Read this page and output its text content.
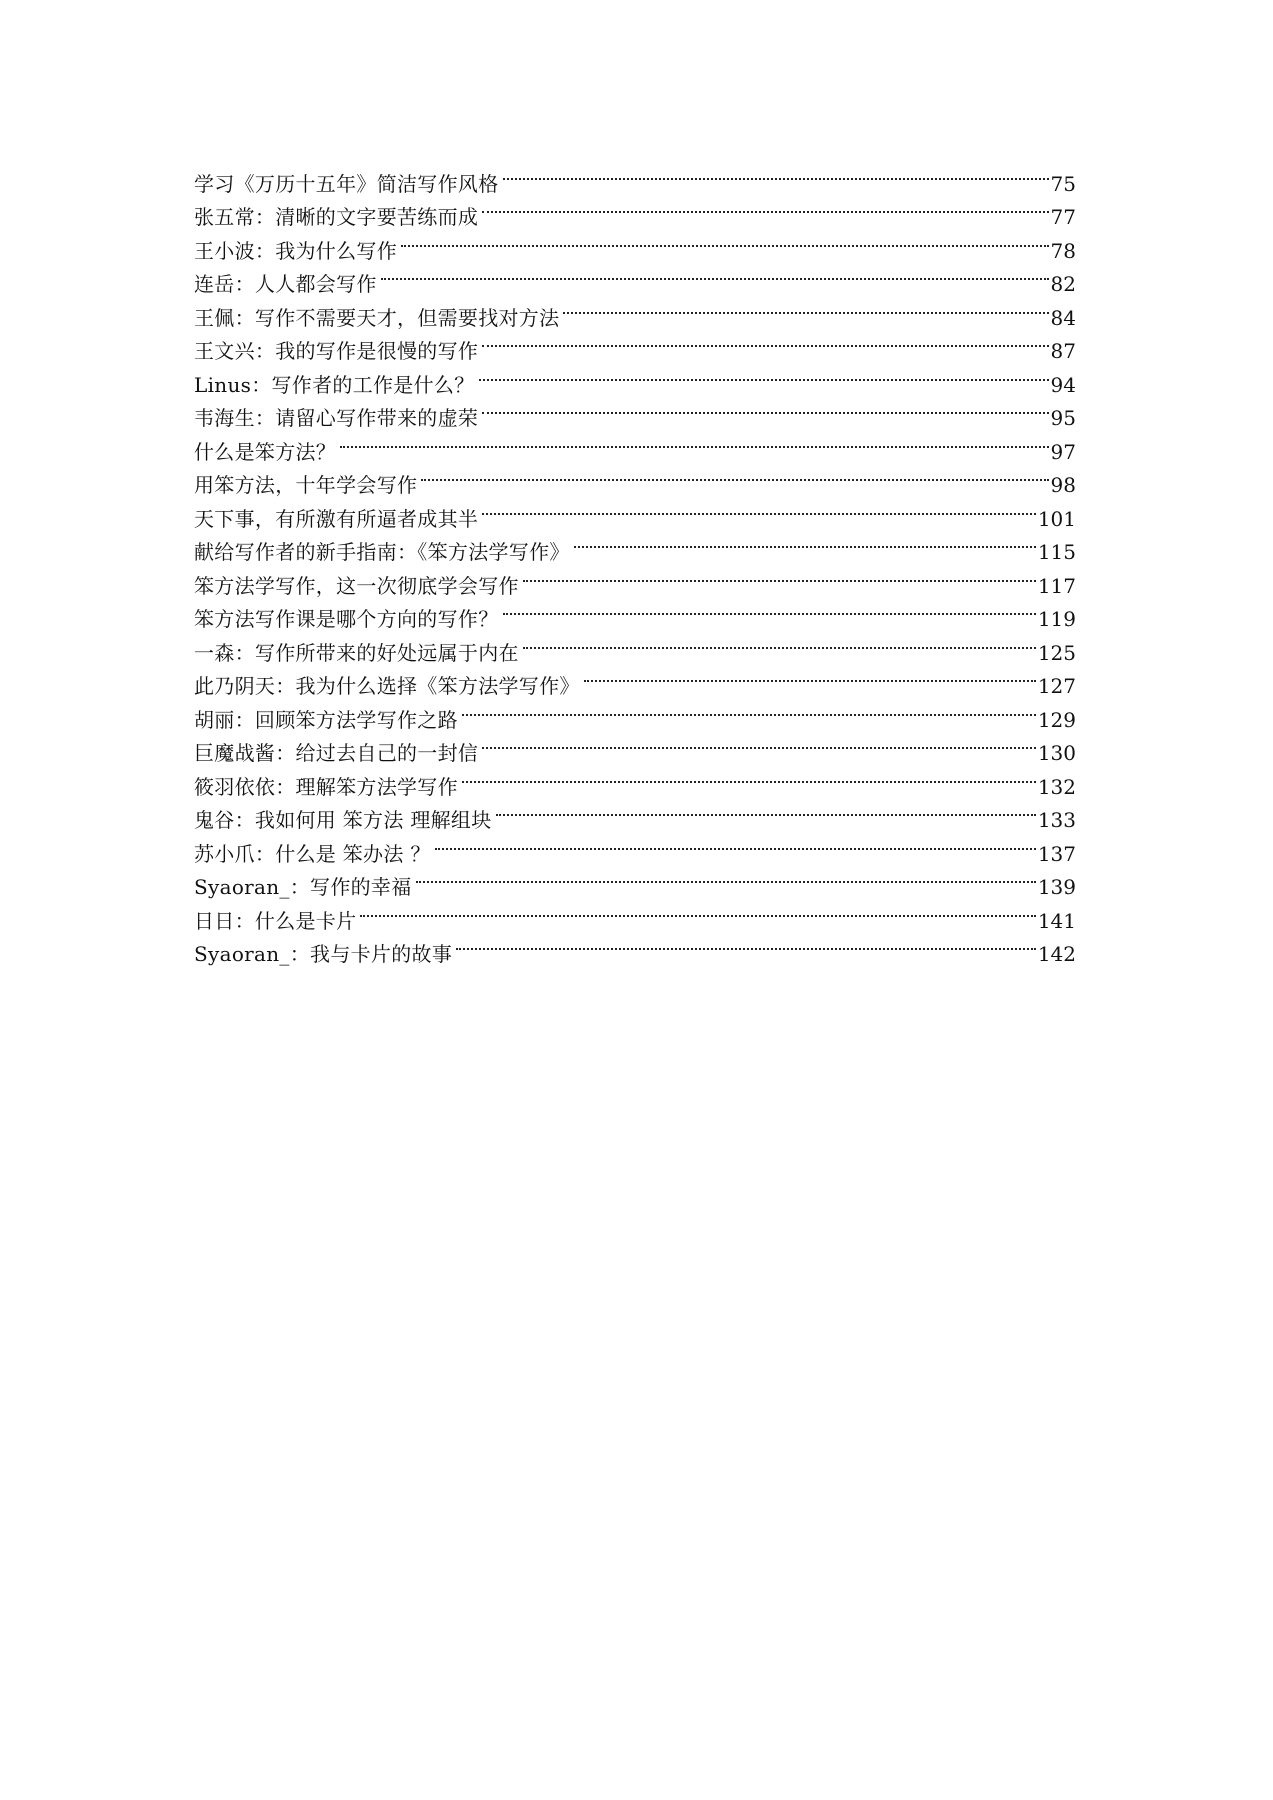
学习《万历十五年》简洁写作风格	75
张五常：清晰的文字要苦练而成	77
王小波：我为什么写作	78
连岳：人人都会写作	82
王佩：写作不需要天才，但需要找对方法	84
王文兴：我的写作是很慢的写作	87
Linus：写作者的工作是什么？	94
韦海生：请留心写作带来的虚荣	95
什么是笨方法？	97
用笨方法，十年学会写作	98
天下事，有所激有所逼者成其半	101
献给写作者的新手指南：《笨方法学写作》	115
笨方法学写作，这一次彻底学会写作	117
笨方法写作课是哪个方向的写作？	119
一森：写作所带来的好处远属于内在	125
此乃阴天：我为什么选择《笨方法学写作》	127
胡丽：回顾笨方法学写作之路	129
巨魔战酱：给过去自己的一封信	130
筱羽依依：理解笨方法学写作	132
鬼谷：我如何用 笨方法 理解组块	133
苏小爪：什么是 笨办法 ？	137
Syaoran_：写作的幸福	139
日日：什么是卡片	141
Syaoran_：我与卡片的故事	142
